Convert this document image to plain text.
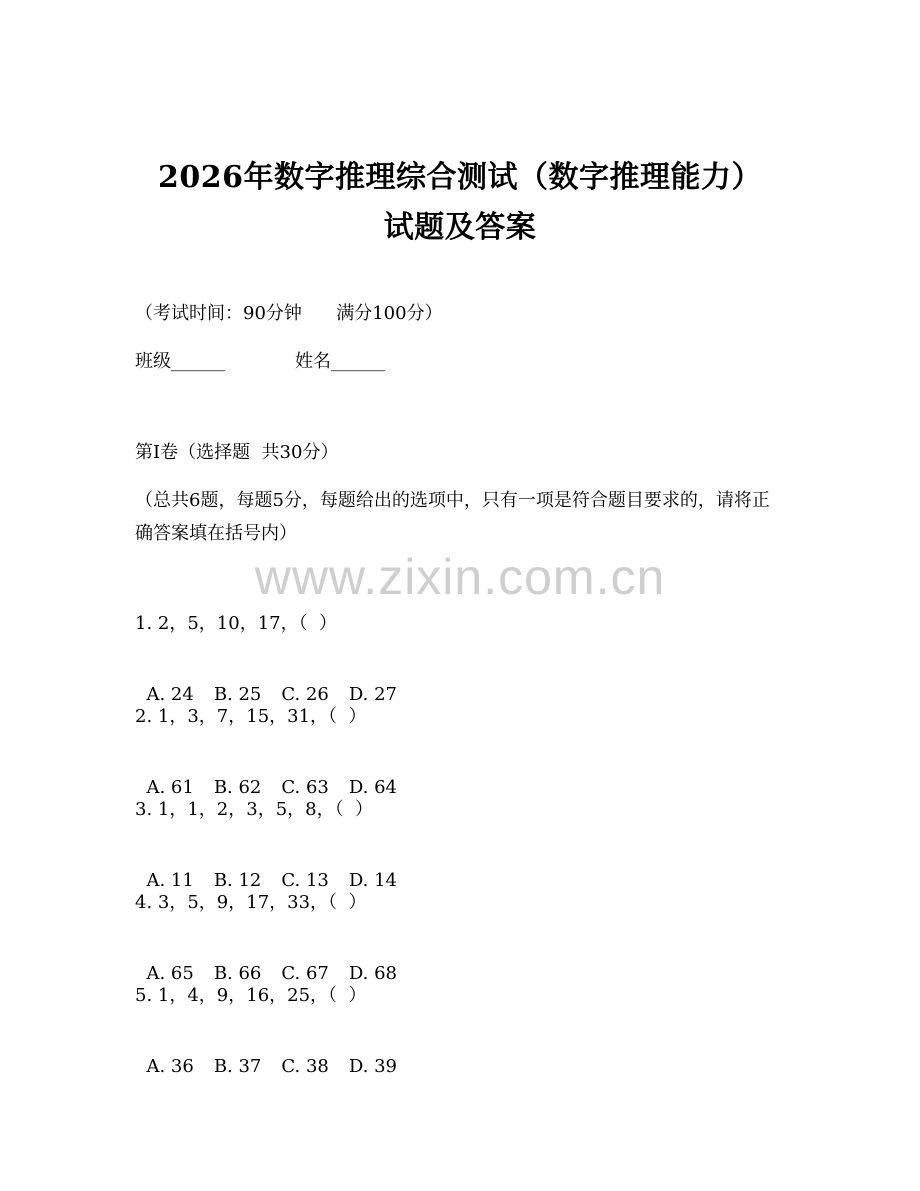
2026年数字推理综合测试（数字推理能力）
试题及答案
（考试时间：90分钟      满分100分）
班级______	姓名______
第Ⅰ卷（选择题  共30分）
（总共6题，每题5分，每题给出的选项中，只有一项是符合题目要求的，请将正确答案填在括号内）
www.zixin.com.cn
1. 2，5，10，17，（  ）

A. 24 B. 25 C. 26 D. 27

2. 1，3，7，15，31，（  ）

A. 61 B. 62 C. 63 D. 64

3. 1，1，2，3，5，8，（  ）

A. 11 B. 12 C. 13 D. 14

4. 3，5，9，17，33，（  ）

A. 65 B. 66 C. 67 D. 68

5. 1，4，9，16，25，（  ）

A. 36 B. 37 C. 38 D. 39
